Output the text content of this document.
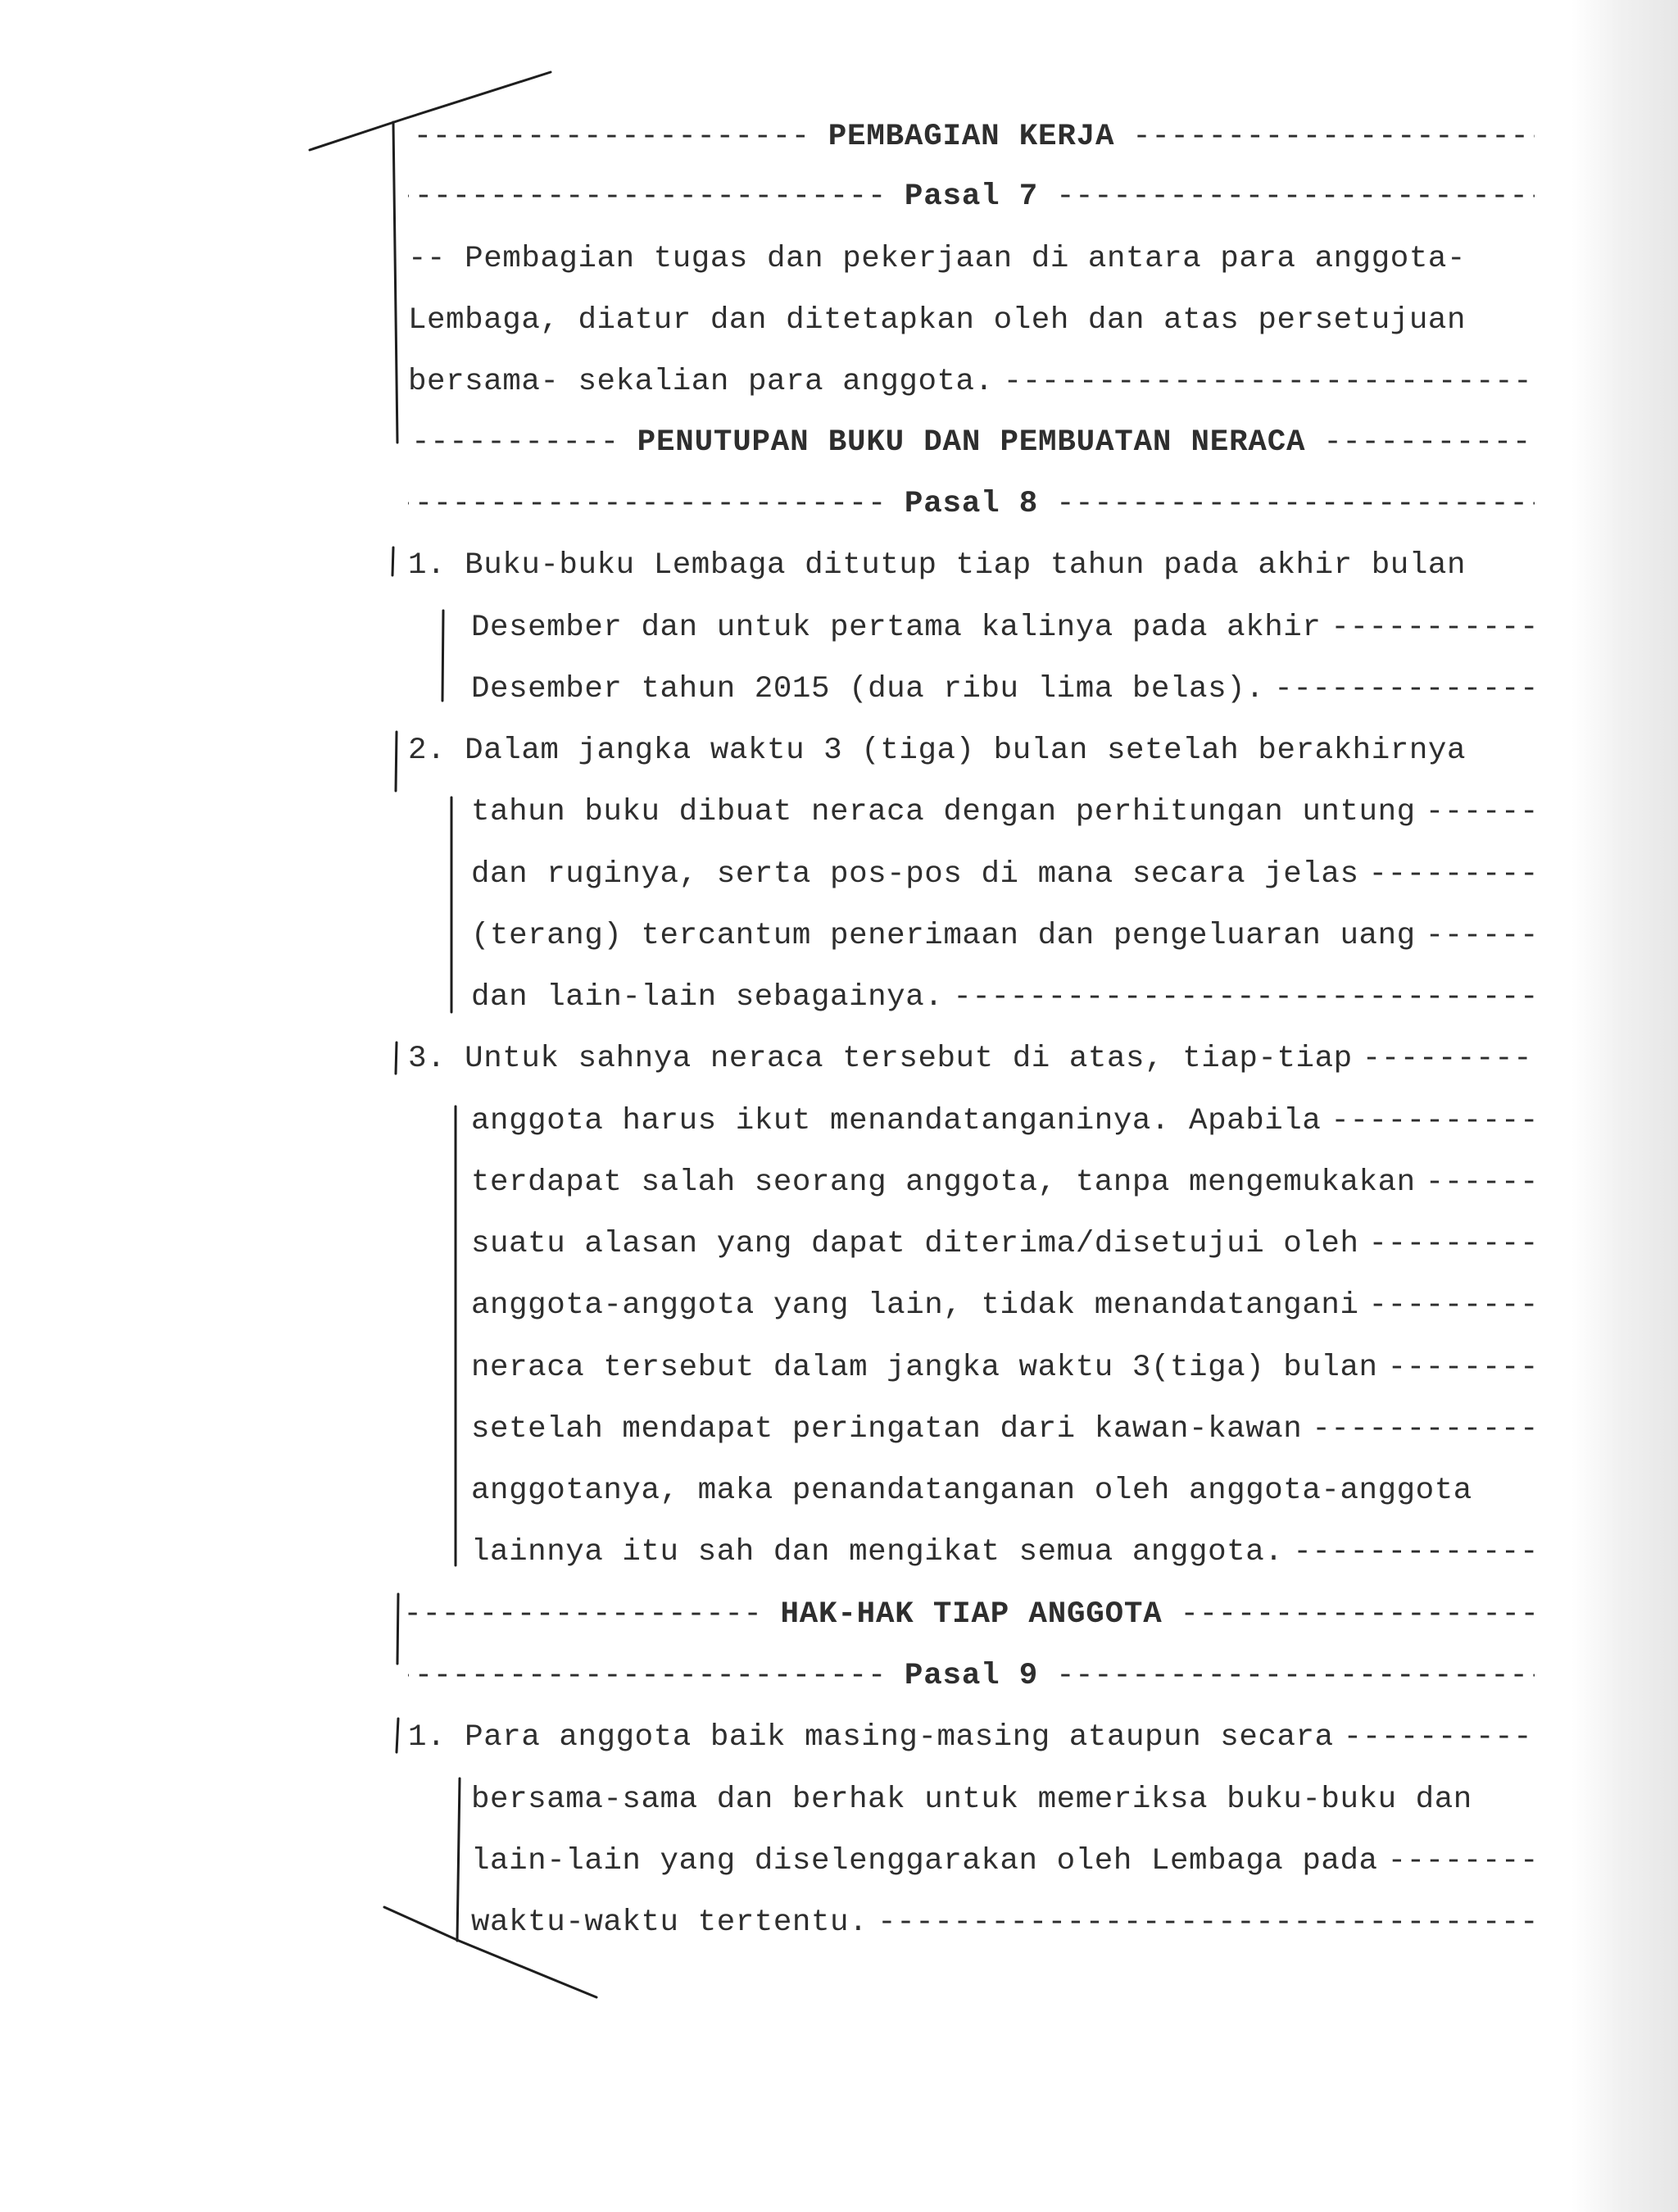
-----
PEMBAGIAN KERJA
-----
-----
Pasal 7
-----
-- Pembagian tugas dan pekerjaan di antara para anggota-
Lembaga, diatur dan ditetapkan oleh dan atas persetujuan
bersama- sekalian para anggota.
-----
-----
PENUTUPAN BUKU DAN PEMBUATAN NERACA
-----
-----
Pasal 8
-----
1. Buku-buku Lembaga ditutup tiap tahun pada akhir bulan
Desember dan untuk pertama kalinya pada akhir
-----
Desember tahun 2015 (dua ribu lima belas).
-----
2. Dalam jangka waktu 3 (tiga) bulan setelah berakhirnya
tahun buku dibuat neraca dengan perhitungan untung
-----
dan ruginya, serta pos-pos di mana secara jelas
-----
(terang) tercantum penerimaan dan pengeluaran uang
-----
dan lain-lain sebagainya.
-----
3. Untuk sahnya neraca tersebut di atas, tiap-tiap
-----
anggota harus ikut menandatanganinya. Apabila
-----
terdapat salah seorang anggota, tanpa mengemukakan
-----
suatu alasan yang dapat diterima/disetujui oleh
-----
anggota-anggota yang lain, tidak menandatangani
-----
neraca tersebut dalam jangka waktu 3(tiga) bulan
-----
setelah mendapat peringatan dari kawan-kawan
-----
anggotanya, maka penandatanganan oleh anggota-anggota
lainnya itu sah dan mengikat semua anggota.
-----
-----
HAK-HAK TIAP ANGGOTA
-----
-----
Pasal 9
-----
1. Para anggota baik masing-masing ataupun secara
-----
bersama-sama dan berhak untuk memeriksa buku-buku dan
lain-lain yang diselenggarakan oleh Lembaga pada
-----
waktu-waktu tertentu.
-----
